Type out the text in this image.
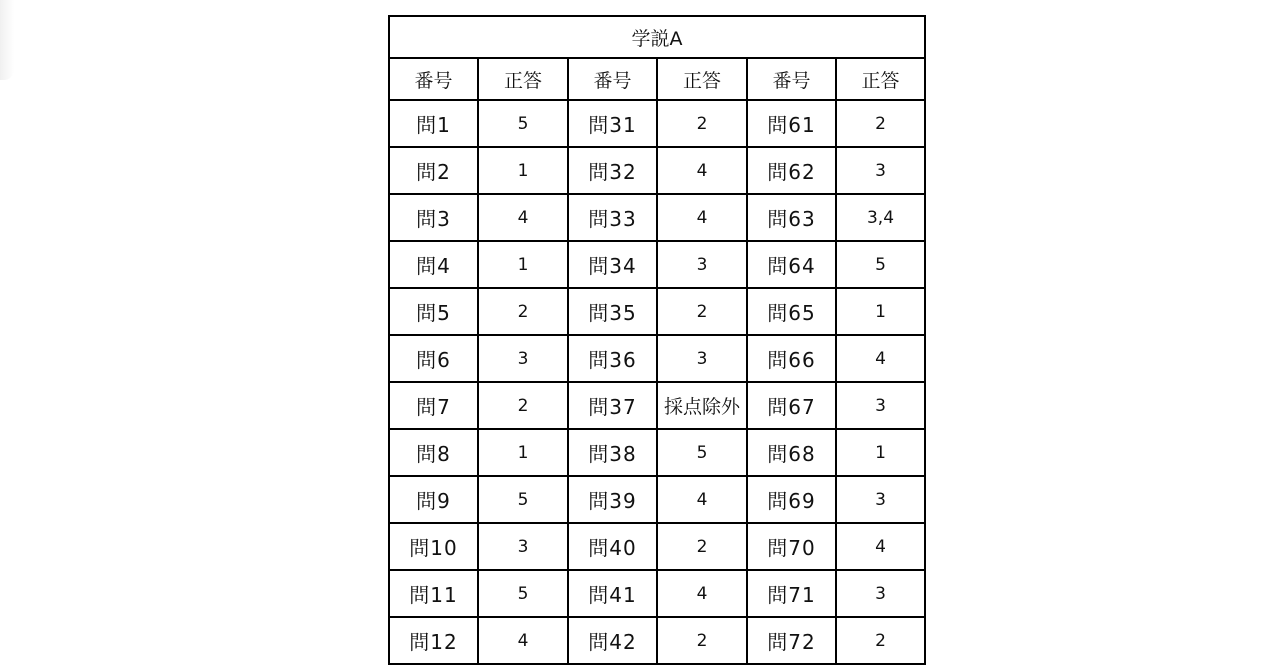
学説A					
番号	正答	番号	正答	番号	正答
問1	5	問31	2	問61	2
問2	1	問32	4	問62	3
問3	4	問33	4	問63	3,4
問4	1	問34	3	問64	5
問5	2	問35	2	問65	1
問6	3	問36	3	問66	4
問7	2	問37	採点除外	問67	3
問8	1	問38	5	問68	1
問9	5	問39	4	問69	3
問10	3	問40	2	問70	4
問11	5	問41	4	問71	3
問12	4	問42	2	問72	2
